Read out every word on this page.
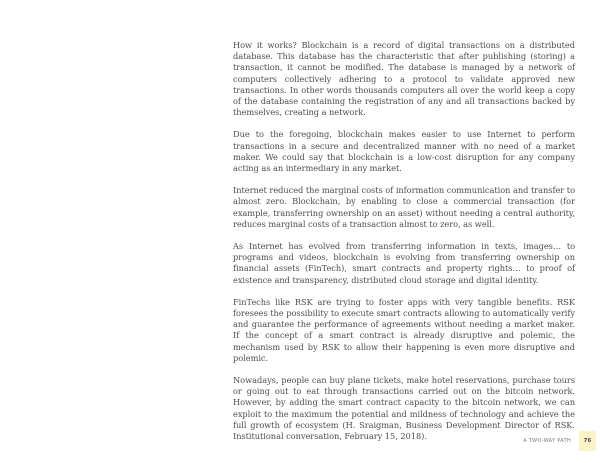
How it works? Blockchain is a record of digital transactions on a distributed database. This database has the characteristic that after publishing (storing) a transaction, it cannot be modified. The database is managed by a network of computers collectively adhering to a protocol to validate approved new transactions. In other words thousands computers all over the world keep a copy of the database containing the registration of any and all transactions backed by themselves, creating a network.

Due to the foregoing, blockchain makes easier to use Internet to perform transactions in a secure and decentralized manner with no need of a market maker. We could say that blockchain is a low-cost disruption for any company acting as an intermediary in any market.

Internet reduced the marginal costs of information communication and transfer to almost zero. Blockchain, by enabling to close a commercial transaction (for example, transferring ownership on an asset) without needing a central authority, reduces marginal costs of a transaction almost to zero, as well.

As Internet has evolved from transferring information in texts, images… to programs and videos, blockchain is evolving from transferring ownership on financial assets (FinTech), smart contracts and property rights… to proof of existence and transparency, distributed cloud storage and digital identity.

FinTechs like RSK are trying to foster apps with very tangible benefits. RSK foresees the possibility to execute smart contracts allowing to automatically verify and guarantee the performance of agreements without needing a market maker. If the concept of a smart contract is already disruptive and polemic, the mechanism used by RSK to allow their happening is even more disruptive and polemic.

Nowadays, people can buy plane tickets, make hotel reservations, purchase tours or going out to eat through transactions carried out on the bitcoin network. However, by adding the smart contract capacity to the bitcoin network, we can exploit to the maximum the potential and mildness of technology and achieve the full growth of ecosystem (H. Sraigman, Business Development Director of RSK. Institutional conversation, February 15, 2018).	A TWO-WAY PATH 76
